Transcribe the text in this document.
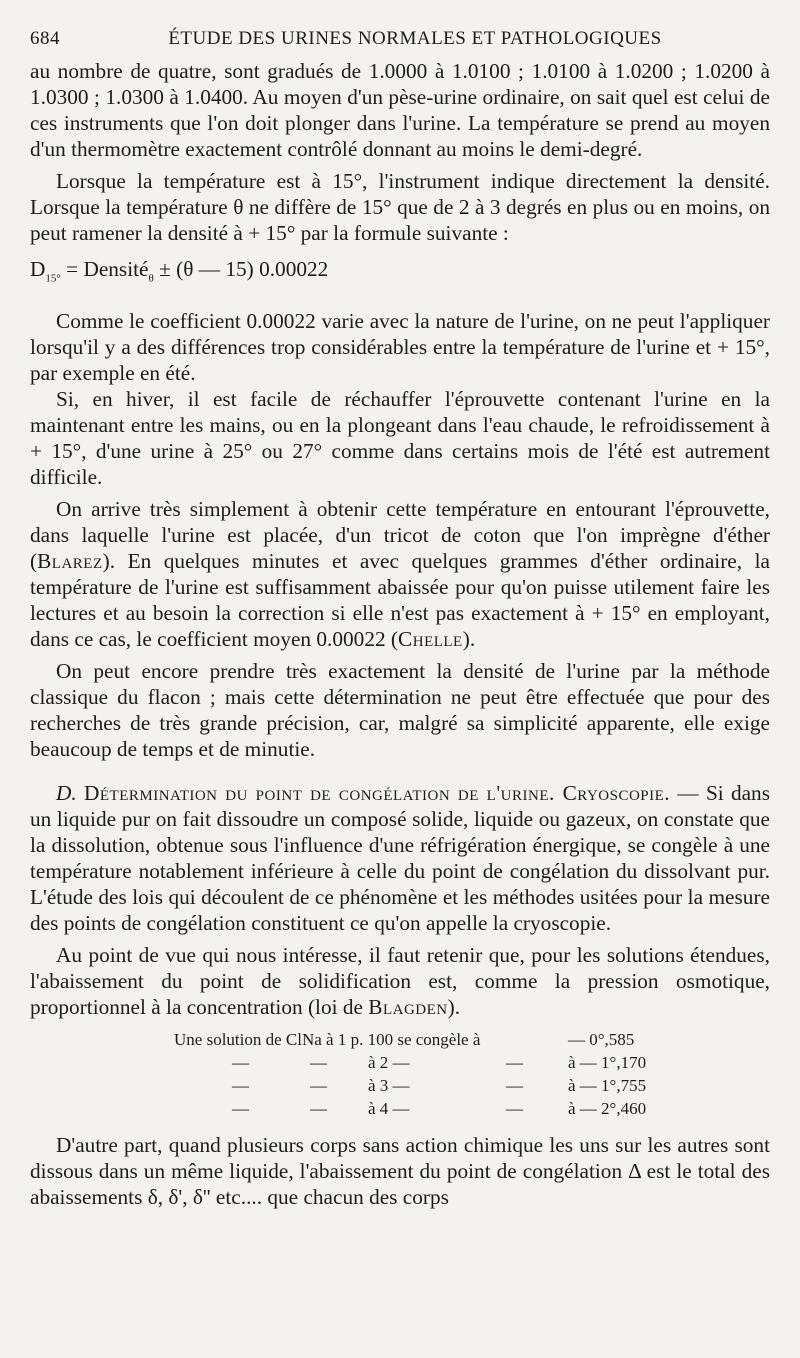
684	ÉTUDE DES URINES NORMALES ET PATHOLOGIQUES

au nombre de quatre, sont gradués de 1.0000 à 1.0100 ; 1.0100 à 1.0200 ; 1.0200 à 1.0300 ; 1.0300 à 1.0400. Au moyen d'un pèse-urine ordinaire, on sait quel est celui de ces instruments que l'on doit plonger dans l'urine. La température se prend au moyen d'un thermomètre exactement contrôlé donnant au moins le demi-degré.

Lorsque la température est à 15°, l'instrument indique directement la densité. Lorsque la température θ ne diffère de 15° que de 2 à 3 degrés en plus ou en moins, on peut ramener la densité à + 15° par la formule suivante :

$D_{15^\circ}$ = Densité$_\theta$ ± (θ — 15) 0.00022

Comme le coefficient 0.00022 varie avec la nature de l'urine, on ne peut l'appliquer lorsqu'il y a des différences trop considérables entre la température de l'urine et + 15°, par exemple en été.

Si, en hiver, il est facile de réchauffer l'éprouvette contenant l'urine en la maintenant entre les mains, ou en la plongeant dans l'eau chaude, le refroidissement à + 15°, d'une urine à 25° ou 27° comme dans certains mois de l'été est autrement difficile.

On arrive très simplement à obtenir cette température en entourant l'éprouvette, dans laquelle l'urine est placée, d'un tricot de coton que l'on imprègne d'éther (Blarez). En quelques minutes et avec quelques grammes d'éther ordinaire, la température de l'urine est suffisamment abaissée pour qu'on puisse utilement faire les lectures et au besoin la correction si elle n'est pas exactement à + 15° en employant, dans ce cas, le coefficient moyen 0.00022 (Chelle).

On peut encore prendre très exactement la densité de l'urine par la méthode classique du flacon ; mais cette détermination ne peut être effectuée que pour des recherches de très grande précision, car, malgré sa simplicité apparente, elle exige beaucoup de temps et de minutie.

D. Détermination du point de congélation de l'urine. Cryoscopie. — Si dans un liquide pur on fait dissoudre un composé solide, liquide ou gazeux, on constate que la dissolution, obtenue sous l'influence d'une réfrigération énergique, se congèle à une température notablement inférieure à celle du point de congélation du dissolvant pur. L'étude des lois qui découlent de ce phénomène et les méthodes usitées pour la mesure des points de congélation constituent ce qu'on appelle la cryoscopie.

Au point de vue qui nous intéresse, il faut retenir que, pour les solutions étendues, l'abaissement du point de solidification est, comme la pression osmotique, proportionnel à la concentration (loi de Blagden).

Une solution de ClNa à 1 p. 100 se congèle à	— 0°,585
—	— à 2 —	—	à — 1°,170
—	— à 3 —	—	à — 1°,755
—	— à 4 —	—	à — 2°,460

D'autre part, quand plusieurs corps sans action chimique les uns sur les autres sont dissous dans un même liquide, l'abaissement du point de congélation Δ est le total des abaissements δ, δ', δ'' etc.... que chacun des corps
